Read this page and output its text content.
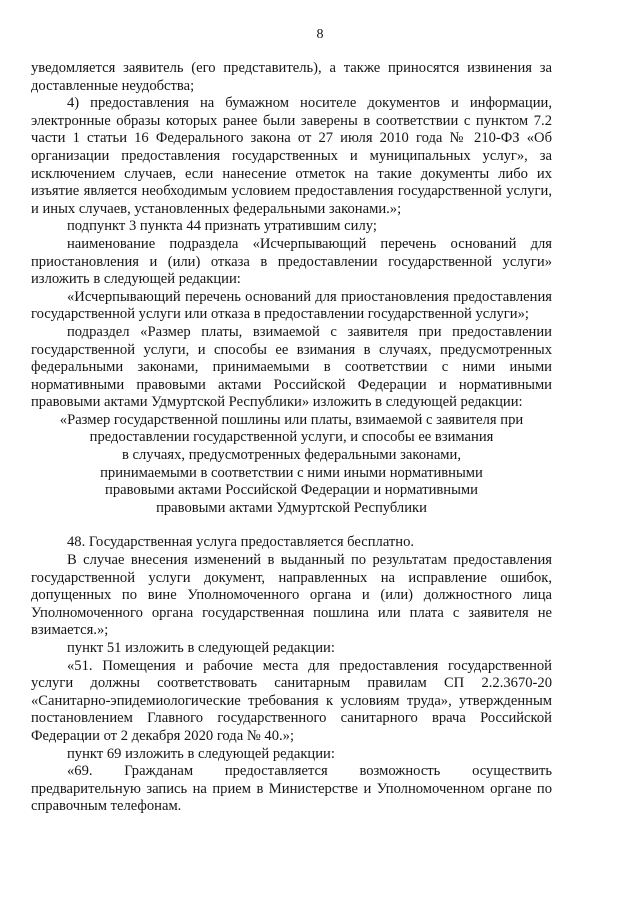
8

уведомляется заявитель (его представитель), а также приносятся извинения за доставленные неудобства;

4) предоставления на бумажном носителе документов и информации, электронные образы которых ранее были заверены в соответствии с пунктом 7.2 части 1 статьи 16 Федерального закона от 27 июля 2010 года № 210-ФЗ «Об организации предоставления государственных и муниципальных услуг», за исключением случаев, если нанесение отметок на такие документы либо их изъятие является необходимым условием предоставления государственной услуги, и иных случаев, установленных федеральными законами.»;

подпункт 3 пункта 44 признать утратившим силу;

наименование подраздела «Исчерпывающий перечень оснований для приостановления и (или) отказа в предоставлении государственной услуги» изложить в следующей редакции:

«Исчерпывающий перечень оснований для приостановления предоставления государственной услуги или отказа в предоставлении государственной услуги»;

подраздел «Размер платы, взимаемой с заявителя при предоставлении государственной услуги, и способы ее взимания в случаях, предусмотренных федеральными законами, принимаемыми в соответствии с ними иными нормативными правовыми актами Российской Федерации и нормативными правовыми актами Удмуртской Республики» изложить в следующей редакции:

«Размер государственной пошлины или платы, взимаемой с заявителя при

предоставлении государственной услуги, и способы ее взимания

в случаях, предусмотренных федеральными законами,

принимаемыми в соответствии с ними иными нормативными

правовыми актами Российской Федерации и нормативными

правовыми актами Удмуртской Республики

48. Государственная услуга предоставляется бесплатно.

В случае внесения изменений в выданный по результатам предоставления государственной услуги документ, направленных на исправление ошибок, допущенных по вине Уполномоченного органа и (или) должностного лица Уполномоченного органа государственная пошлина или плата с заявителя не взимается.»;

пункт 51 изложить в следующей редакции:

«51. Помещения и рабочие места для предоставления государственной услуги должны соответствовать санитарным правилам СП 2.2.3670-20 «Санитарно-эпидемиологические требования к условиям труда», утвержденным постановлением Главного государственного санитарного врача Российской Федерации от 2 декабря 2020 года № 40.»;

пункт 69 изложить в следующей редакции:

«69. Гражданам предоставляется возможность осуществить предварительную запись на прием в Министерстве и Уполномоченном органе по справочным телефонам.
